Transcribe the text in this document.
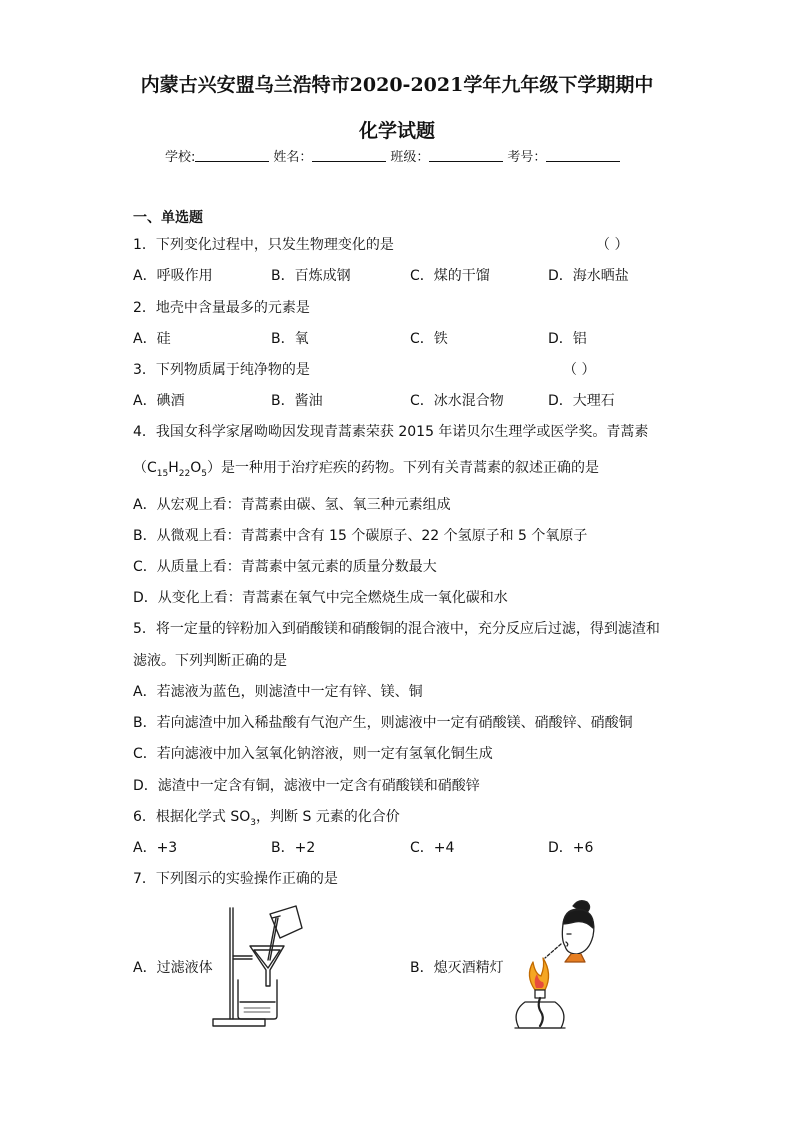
内蒙古兴安盟乌兰浩特市2020-2021学年九年级下学期期中
化学试题
学校:	姓名：	班级：	考号：
一、单选题
1．下列变化过程中，只发生物理变化的是	（ ）
A．呼吸作用	B．百炼成钢	C．煤的干馏	D．海水晒盐
2．地壳中含量最多的元素是
A．硅	B．氧	C．铁	D．铝
3．下列物质属于纯净物的是	（ ）
A．碘酒	B．酱油	C．冰水混合物	D．大理石
4．我国女科学家屠呦呦因发现青蒿素荣获 2015 年诺贝尔生理学或医学奖。青蒿素
$(C_{15}H_{22}O_5)$是一种用于治疗疟疾的药物。下列有关青蒿素的叙述正确的是
A．从宏观上看：青蒿素由碳、氢、氧三种元素组成
B．从微观上看：青蒿素中含有 15 个碳原子、22 个氢原子和 5 个氧原子
C．从质量上看：青蒿素中氢元素的质量分数最大
D．从变化上看：青蒿素在氧气中完全燃烧生成一氧化碳和水
5．将一定量的锌粉加入到硝酸镁和硝酸铜的混合液中，充分反应后过滤，得到滤渣和
滤液。下列判断正确的是
A．若滤液为蓝色，则滤渣中一定有锌、镁、铜
B．若向滤渣中加入稀盐酸有气泡产生，则滤液中一定有硝酸镁、硝酸锌、硝酸铜
C．若向滤液中加入氢氧化钠溶液，则一定有氢氧化铜生成
D．滤渣中一定含有铜，滤液中一定含有硝酸镁和硝酸锌
6．根据化学式 $SO_3$，判断 S 元素的化合价
A．+3	B．+2	C．+4	D．+6
7．下列图示的实验操作正确的是
A．过滤液体	B．熄灭酒精灯
